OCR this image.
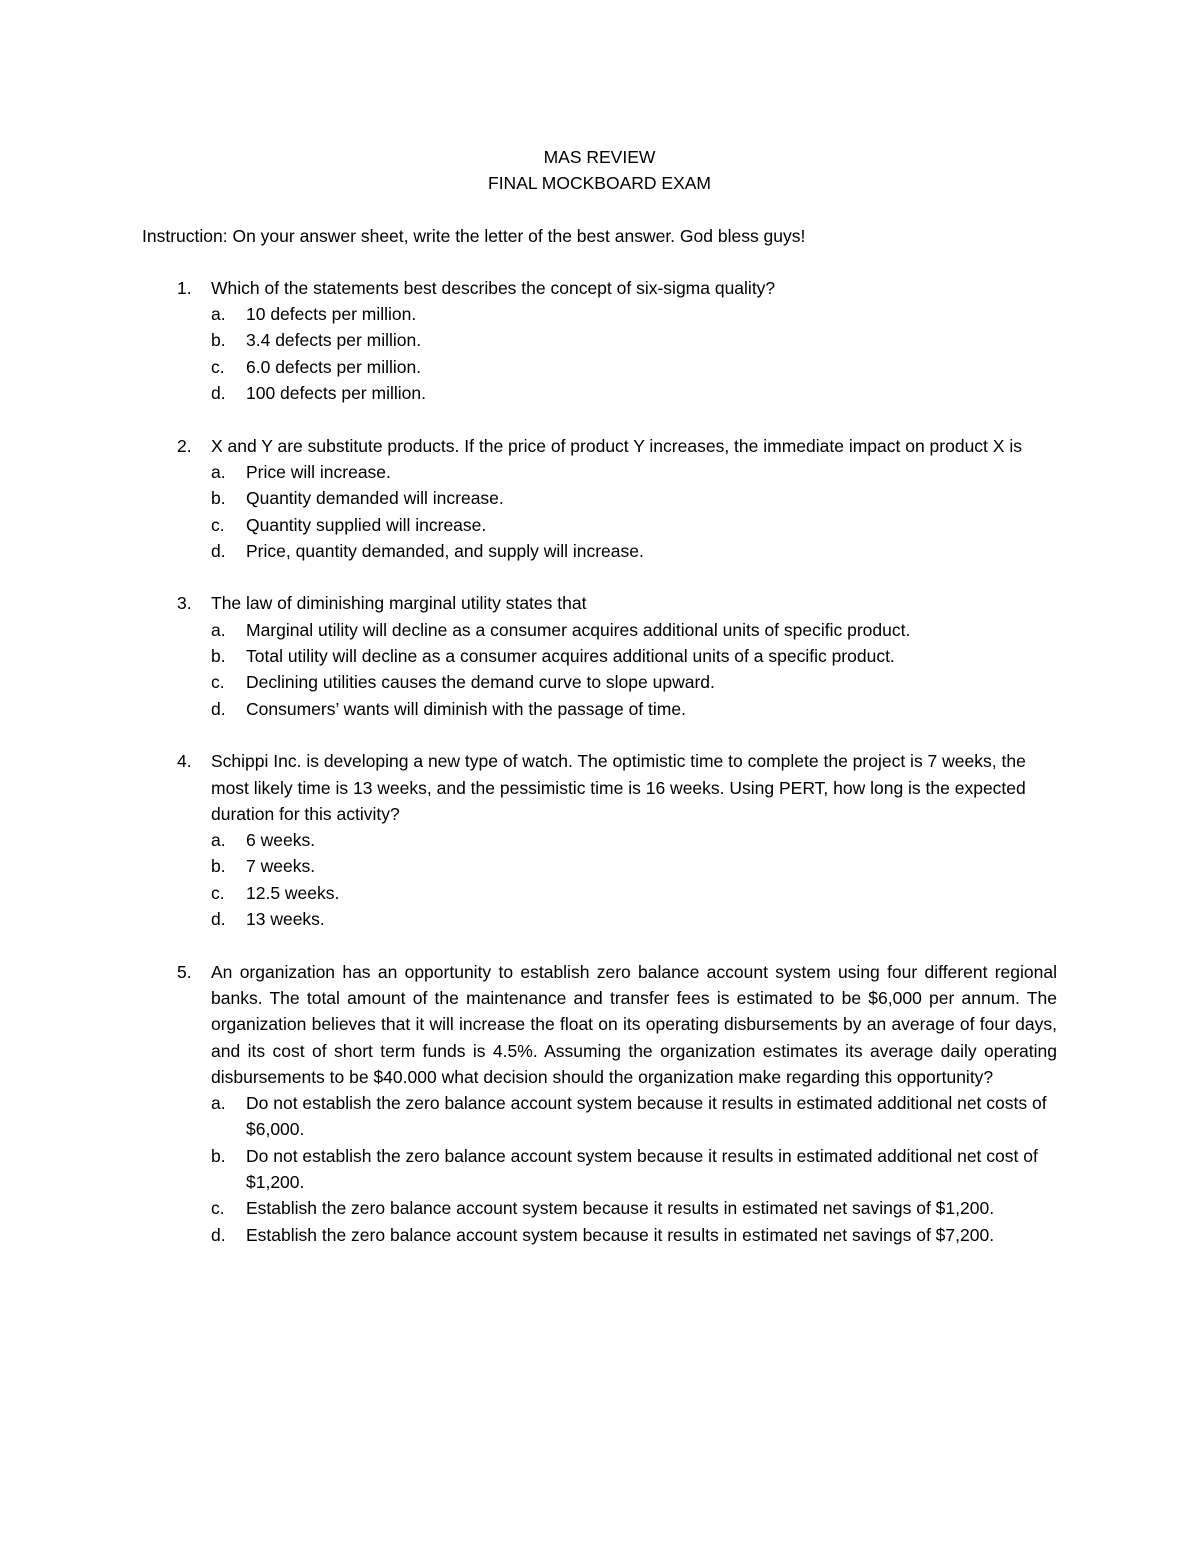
MAS REVIEW
FINAL MOCKBOARD EXAM

Instruction: On your answer sheet, write the letter of the best answer. God bless guys!

1.	Which of the statements best describes the concept of six-sigma quality?
a.	10 defects per million.
b.	3.4 defects per million.
c.	6.0 defects per million.
d.	100 defects per million.
2.	X and Y are substitute products. If the price of product Y increases, the immediate impact on product X is
a.	Price will increase.
b.	Quantity demanded will increase.
c.	Quantity supplied will increase.
d.	Price, quantity demanded, and supply will increase.
3.	The law of diminishing marginal utility states that
a.	Marginal utility will decline as a consumer acquires additional units of specific product.
b.	Total utility will decline as a consumer acquires additional units of a specific product.
c.	Declining utilities causes the demand curve to slope upward.
d.	Consumers’ wants will diminish with the passage of time.
4.	Schippi Inc. is developing a new type of watch. The optimistic time to complete the project is 7 weeks, the most likely time is 13 weeks, and the pessimistic time is 16 weeks. Using PERT, how long is the expected duration for this activity?
a.	6 weeks.
b.	7 weeks.
c.	12.5 weeks.
d.	13 weeks.
5.	An organization has an opportunity to establish zero balance account system using four different regional banks. The total amount of the maintenance and transfer fees is estimated to be $6,000 per annum. The organization believes that it will increase the float on its operating disbursements by an average of four days, and its cost of short term funds is 4.5%. Assuming the organization estimates its average daily operating disbursements to be $40.000 what decision should the organization make regarding this opportunity?
a.	Do not establish the zero balance account system because it results in estimated additional net costs of $6,000.
b.	Do not establish the zero balance account system because it results in estimated additional net cost of $1,200.
c.	Establish the zero balance account system because it results in estimated net savings of $1,200.
d.	Establish the zero balance account system because it results in estimated net savings of $7,200.
